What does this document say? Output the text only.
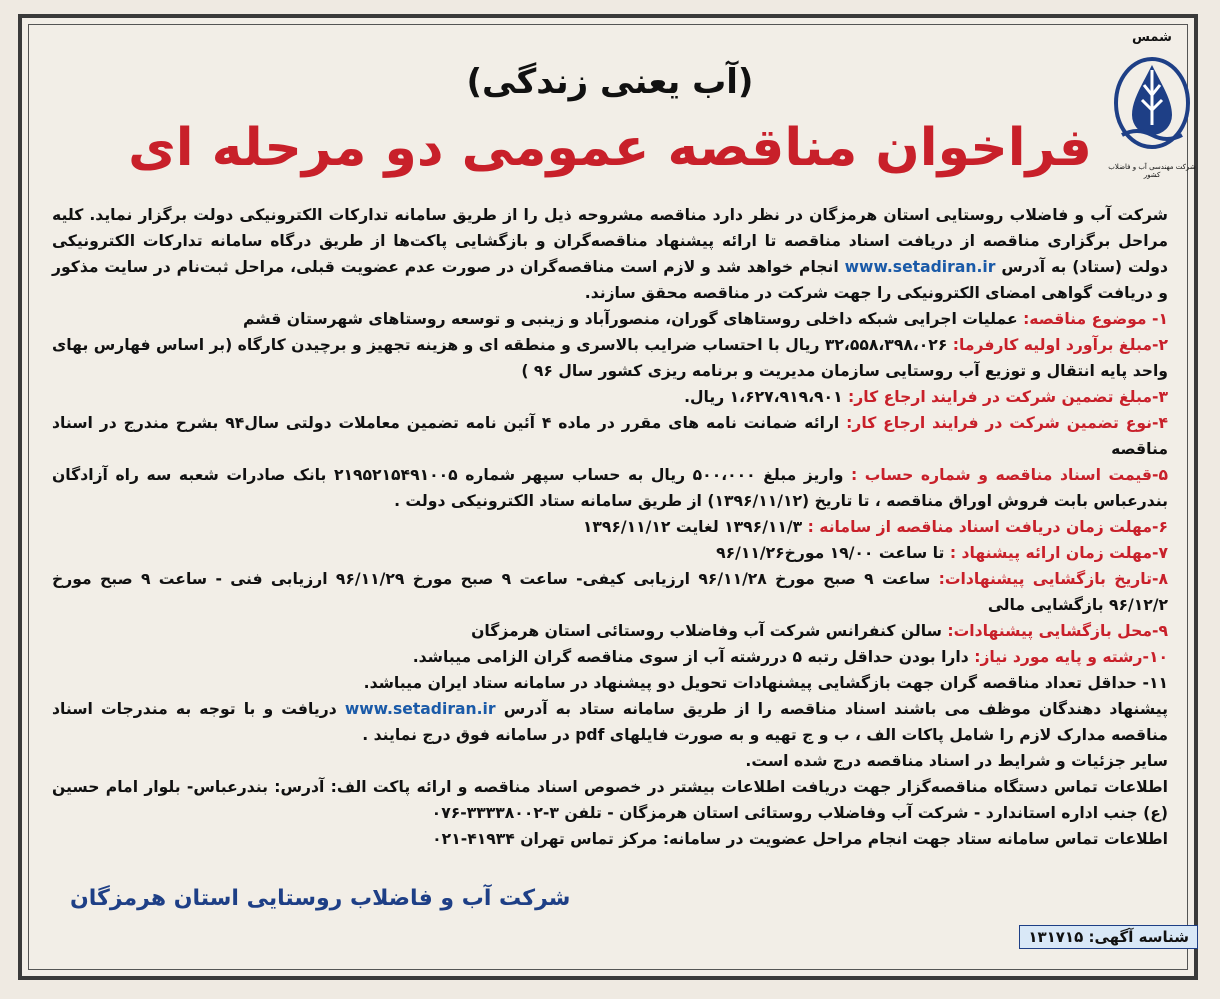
شمس
شرکت مهندسی آب و فاضلاب کشور
(آب یعنی زندگی)
فراخوان مناقصه عمومی دو مرحله ای

شرکت آب و فاضلاب روستایی استان هرمزگان در نظر دارد مناقصه مشروحه ذیل را از طریق سامانه تدارکات الکترونیکی دولت برگزار نماید. کلیه مراحل برگزاری مناقصه از دریافت اسناد مناقصه تا ارائه پیشنهاد مناقصه‌گران و بازگشایی پاکت‌ها از طریق درگاه سامانه تدارکات الکترونیکی دولت (ستاد) به آدرس www.setadiran.ir انجام خواهد شد و لازم است مناقصه‌گران در صورت عدم عضویت قبلی، مراحل ثبت‌نام در سایت مذکور و دریافت گواهی امضای الکترونیکی را جهت شرکت در مناقصه محقق سازند.

۱- موضوع مناقصه: عملیات اجرایی شبکه داخلی روستاهای گوران، منصورآباد و زینبی و توسعه روستاهای شهرستان قشم

۲-مبلغ برآورد اولیه کارفرما: ۳۲،۵۵۸،۳۹۸،۰۲۶ ریال با احتساب ضرایب بالاسری و منطقه ای و هزینه تجهیز و برچیدن کارگاه (بر اساس فهارس بهای واحد پایه انتقال و توزیع آب روستایی سازمان مدیریت و برنامه ریزی کشور سال ۹۶ )

۳-مبلغ تضمین شرکت در فرایند ارجاع کار: ۱،۶۲۷،۹۱۹،۹۰۱ ریال.

۴-نوع تضمین شرکت در فرایند ارجاع کار: ارائه ضمانت نامه های مقرر در ماده ۴ آئین نامه تضمین معاملات دولتی سال۹۴ بشرح مندرج در اسناد مناقصه

۵-قیمت اسناد مناقصه و شماره حساب : واریز مبلغ ۵۰۰،۰۰۰ ریال به حساب سپهر شماره ۲۱۹۵۲۱۵۴۹۱۰۰۵ بانک صادرات شعبه سه راه آزادگان بندرعباس بابت فروش اوراق مناقصه ، تا تاریخ (۱۳۹۶/۱۱/۱۲) از طریق سامانه ستاد الکترونیکی دولت .

۶-مهلت زمان دریافت اسناد مناقصه از سامانه : ۱۳۹۶/۱۱/۳ لغایت ۱۳۹۶/۱۱/۱۲

۷-مهلت زمان ارائه پیشنهاد : تا ساعت ۱۹/۰۰ مورخ۹۶/۱۱/۲۶

۸-تاریخ بازگشایی پیشنهادات: ساعت ۹ صبح مورخ ۹۶/۱۱/۲۸ ارزیابی کیفی- ساعت ۹ صبح مورخ ۹۶/۱۱/۲۹ ارزیابی فنی - ساعت ۹ صبح مورخ ۹۶/۱۲/۲ بازگشایی مالی

۹-محل بازگشایی پیشنهادات: سالن کنفرانس شرکت آب وفاضلاب روستائی استان هرمزگان

۱۰-رشته و پایه مورد نیاز: دارا بودن حداقل رتبه ۵ دررشته آب از سوی مناقصه گران الزامی میباشد.

۱۱- حداقل تعداد مناقصه گران جهت بازگشایی پیشنهادات تحویل دو پیشنهاد در سامانه ستاد ایران میباشد.

پیشنهاد دهندگان موظف می باشند اسناد مناقصه را از طریق سامانه ستاد به آدرس www.setadiran.ir دریافت و با توجه به مندرجات اسناد مناقصه مدارک لازم را شامل پاکات الف ، ب و ج تهیه و به صورت فایلهای pdf در سامانه فوق درج نمایند .

سایر جزئیات و شرایط در اسناد مناقصه درج شده است.

اطلاعات تماس دستگاه مناقصه‌گزار جهت دریافت اطلاعات بیشتر در خصوص اسناد مناقصه و ارائه پاکت الف: آدرس: بندرعباس- بلوار امام حسین (ع) جنب اداره استاندارد - شرکت آب وفاضلاب روستائی استان هرمزگان - تلفن ۳-۳۳۳۳۸۰۰۲-۰۷۶

اطلاعات تماس سامانه ستاد جهت انجام مراحل عضویت در سامانه: مرکز تماس تهران ۴۱۹۳۴-۰۲۱

شرکت آب و فاضلاب روستایی استان هرمزگان
شناسه آگهی: ۱۳۱۷۱۵
